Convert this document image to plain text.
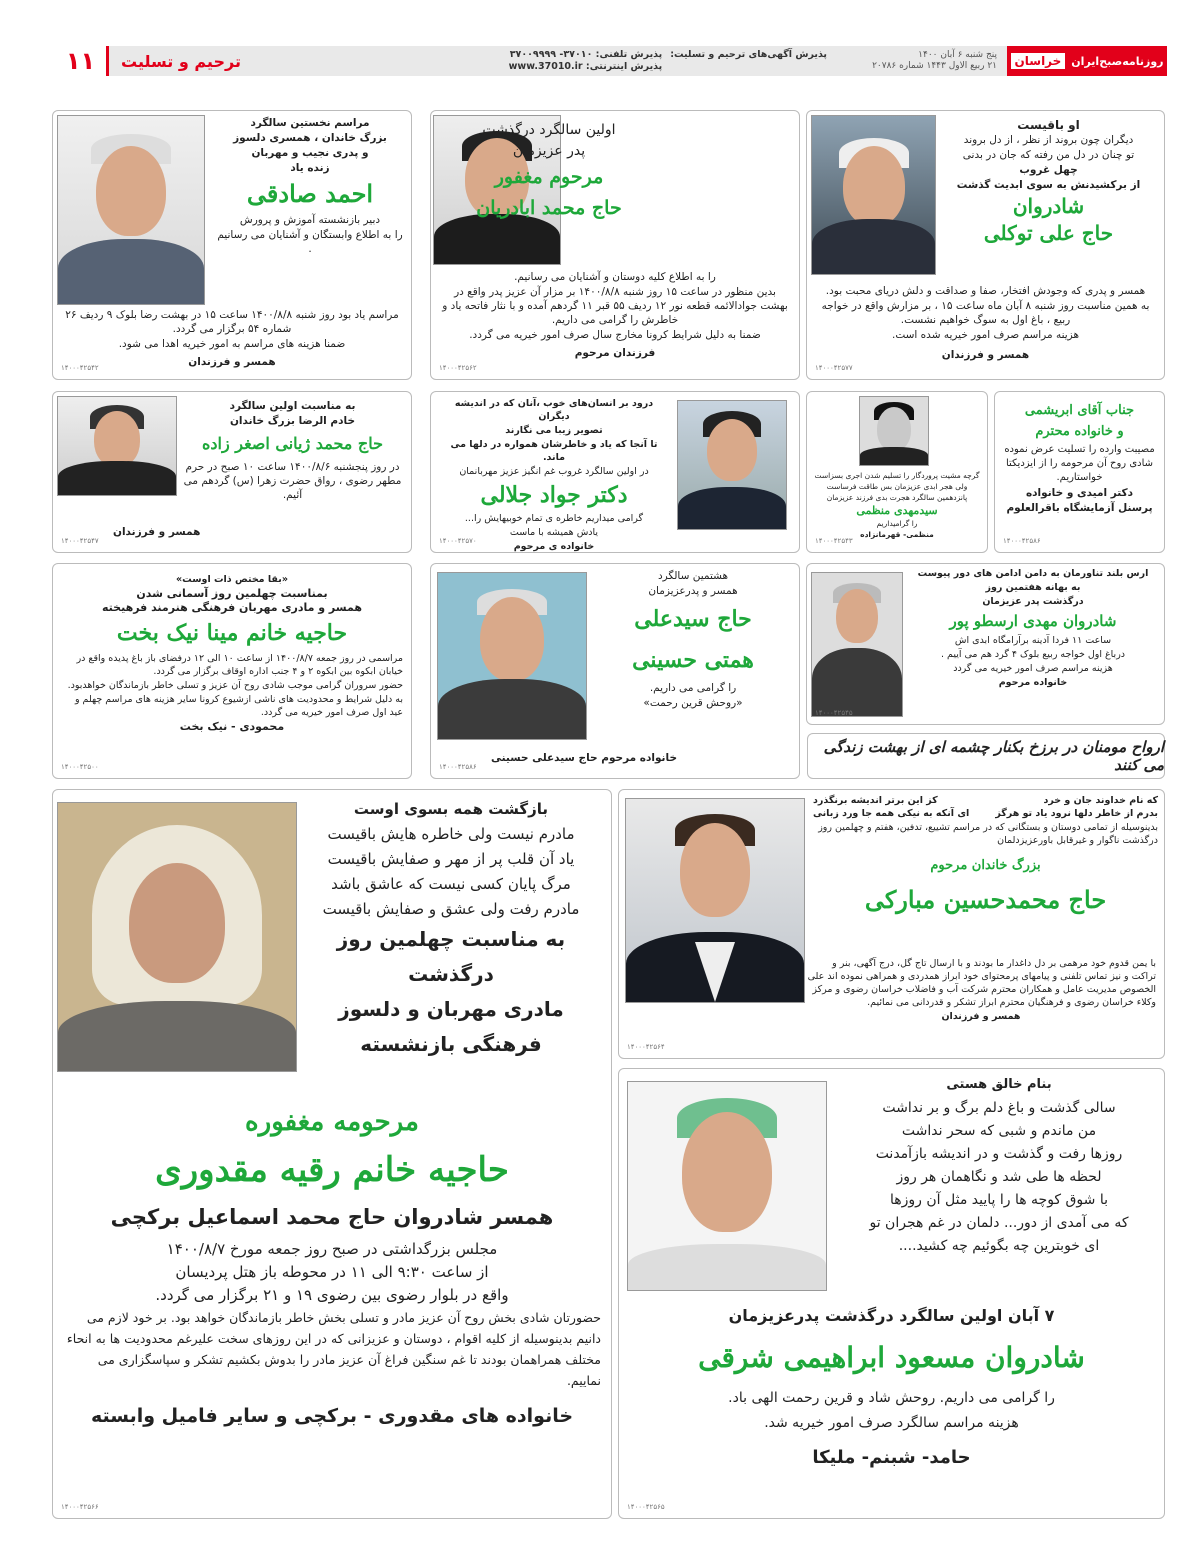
روزنامه‌صبح‌ایران
خراسان
پنج شنبه ۶ آبان ۱۴۰۰
۲۱ ربیع الاول ۱۴۴۳ شماره ۲۰۷۸۶
پذیرش آگهی‌های ترحیم و تسلیت:
پذیرش تلفنی: ۳۷۰۱۰- ۳۷۰۰۹۹۹۹
پذیرش اینترنتی: www.37010.ir
ترحیم و تسلیت
۱۱

او باقیست

دیگران چون بروند از نظر ، از دل بروند

تو چنان در دل من رفته که جان در بدنی

چهل غروب

از برکشیدنش به سوی ابدیت گذشت

شادروان

حاج علی توکلی

همسر و پدری که وجودش افتخار، صفا و صداقت و دلش دریای محبت بود.

به همین مناسبت روز شنبه ۸ آبان ماه ساعت ۱۵ ، بر مزارش واقع در خواجه ربیع ، باغ اول به سوگ خواهیم نشست.

هزینه مراسم صرف امور خیریه شده است.

همسر و فرزندان

۱۴۰۰۰۴۲۵۷۷

اولین سالگرد درگذشت

پدر عزیزمان

مرحوم مغفور

حاج محمد ابادریان

را به اطلاع کلیه دوستان و آشنایان می رسانیم.

بدین منظور در ساعت ۱۵ روز شنبه ۱۴۰۰/۸/۸ بر مزار آن عزیز پدر واقع در بهشت جوادالائمه قطعه نور ۱۲ ردیف ۵۵ قبر ۱۱ گردهم آمده و با نثار فاتحه یاد و خاطرش را گرامی می داریم.

ضمنا به دلیل شرایط کرونا مخارج سال صرف امور خیریه می گردد.

فرزندان مرحوم

۱۴۰۰۰۴۲۵۶۲

مراسم نخستین سالگرد

بزرگ خاندان ، همسری دلسوز

و پدری نجیب و مهربان

زنده یاد

احمد صادقی

دبیر بازنشسته آموزش و پرورش

را به اطلاع وابستگان و آشنایان می رسانیم .

مراسم یاد بود روز شنبه ۱۴۰۰/۸/۸ ساعت ۱۵ در بهشت رضا بلوک ۹ ردیف ۲۶ شماره ۵۴ برگزار می گردد.

ضمنا هزینه های مراسم به امور خیریه اهدا می شود.

همسر و فرزندان

۱۴۰۰۰۴۲۵۴۲

جناب آقای ابریشمی

و خانواده محترم

مصیبت وارده را تسلیت عرض نموده شادی روح آن مرحومه را از ایزدیکتا خواستاریم.

دکتر امیدی و خانواده

پرسنل آزمایشگاه باقرالعلوم

۱۴۰۰۰۴۲۵۸۶

گرچه مشیت پروردگار را تسلیم شدن اجری بسزاست

ولی هجر ابدی عزیزمان بس طاقت فرساست

پانزدهمین سالگرد هجرت بدی فرزند عزیزمان

سیدمهدی منظمی

را گرامیداریم

منظمی- قهرمانزاده

۱۴۰۰۰۴۲۵۴۳

درود بر انسان‌های خوب ،آنان که در اندیشه دیگران

تصویر زیبا می نگارند

تا آنجا که یاد و خاطرشان همواره در دلها می ماند.

در اولین سالگرد غروب غم انگیز عزیز مهربانمان

دکتر جواد جلالی

گرامی میداریم خاطره ی تمام خوبیهایش را...

یادش همیشه با ماست

خانواده ی مرحوم

۱۴۰۰۰۴۲۵۷۰

به مناسبت اولین سالگرد

خادم الرضا بزرگ خاندان

حاج محمد ژیانی اصغر زاده

در روز پنجشنبه ۱۴۰۰/۸/۶ ساعت ۱۰ صبح در حرم مطهر رضوی ، رواق حضرت زهرا (س) گردهم می آئیم.

همسر و فرزندان

۱۴۰۰۰۴۲۵۴۷

ارس بلند تناورمان به دامن ادامن های دور پیوست

به بهانه هفتمین روز

درگذشت پدر عزیزمان

شادروان مهدی ارسطو پور

ساعت ۱۱ فردا آدینه برآرامگاه ابدی اش

درباغ اول خواجه ربیع بلوک ۴ گرد هم می آییم .

هزینه مراسم صرف امور خیریه می گردد

خانواده مرحوم

۱۴۰۰۰۴۲۵۴۵

هشتمین سالگرد

همسر و پدرعزیزمان

حاج سیدعلی

همتی حسینی

را گرامی می داریم.

«روحش قرین رحمت»

خانواده مرحوم حاج سیدعلی حسینی

۱۴۰۰۰۴۲۵۸۶

«بقا مختص ذات اوست»

بمناسبت چهلمین روز آسمانی شدن

همسر و مادری مهربان فرهنگی هنرمند فرهیخته

حاجیه خانم مینا نیک بخت

مراسمی در روز جمعه ۱۴۰۰/۸/۷ از ساعت ۱۰ الی ۱۲ درفضای باز باغ پدیده واقع در خیابان ابکوه بین ابکوه ۲ و ۴ جنب اداره اوقاف برگزار می گردد.

حضور سروران گرامی موجب شادی روح آن عزیز و تسلی خاطر بازماندگان خواهدبود.

به دلیل شرایط و محدودیت های ناشی ازشیوع کرونا سایر هزینه های مراسم چهلم و عید اول صرف امور خیریه می گردد.

محمودی - نیک بخت

۱۴۰۰۰۴۲۵۰۰
ارواح مومنان در برزخ بکنار چشمه ای از بهشت زندگی می کنند
که نام خداوند جان و خرد
کز این برتر اندیشه برنگذرد
بدرم از خاطر دلها نرود یاد تو هرگز
ای آنکه به نیکی همه جا ورد زبانی

بدینوسیله از تمامی دوستان و بستگانی که در مراسم تشییع، تدفین، هفتم و چهلمین روز درگذشت ناگوار و غیرقابل باورعزیزدلمان

بزرگ خاندان مرحوم

حاج محمدحسین مبارکی

با یمن قدوم خود مرهمی بر دل داغدار ما بودند و با ارسال تاج گل، درج آگهی، بنر و تراکت و نیز تماس تلفنی و پیامهای پرمحتوای خود ابراز همدردی و همراهی نموده اند علی الخصوص مدیریت عامل و همکاران محترم شرکت آب و فاضلاب خراسان رضوی و مرکز وکلاء خراسان رضوی و فرهنگیان محترم ابراز تشکر و قدردانی می نمائیم.

همسر و فرزندان

۱۴۰۰۰۴۲۵۶۴

بازگشت همه بسوی اوست

مادرم نیست ولی خاطره هایش باقیست

یاد آن قلب پر از مهر و صفایش باقیست

مرگ پایان کسی نیست که عاشق باشد

مادرم رفت ولی عشق و صفایش باقیست

به مناسبت چهلمین روز

درگذشت

مادری مهربان و دلسوز

فرهنگی بازنشسته

مرحومه مغفوره

حاجیه خانم رقیه مقدوری

همسر شادروان حاج محمد اسماعیل برکچی

مجلس بزرگداشتی در صبح روز جمعه مورخ ۱۴۰۰/۸/۷

از ساعت ۹:۳۰ الی ۱۱ در محوطه باز هتل پردیسان

واقع در بلوار رضوی بین رضوی ۱۹ و ۲۱ برگزار می گردد.

حضورتان شادی بخش روح آن عزیز مادر و تسلی بخش خاطر بازماندگان خواهد بود. بر خود لازم می دانیم بدینوسیله از کلیه اقوام ، دوستان و عزیزانی که در این روزهای سخت علیرغم محدودیت ها به انحاء مختلف همراهمان بودند تا غم سنگین فراغ آن عزیز مادر را بدوش بکشیم تشکر و سپاسگزاری می نماییم.

خانواده های مقدوری - برکچی و سایر فامیل وابسته

۱۴۰۰۰۴۲۵۶۶

بنام خالق هستی

سالی گذشت و باغ دلم برگ و بر نداشت

من ماندم و شبی که سحر نداشت

روزها رفت و گذشت و در اندیشه بازآمدنت

لحظه ها طی شد و نگاهمان هر روز

با شوق کوچه ها را پایید مثل آن روزها

که می آمدی از دور... دلمان در غم هجران تو

ای خوبترین چه بگوئیم چه کشید....

۷ آبان اولین سالگرد درگذشت پدرعزیزمان

شادروان مسعود ابراهیمی شرقی

را گرامی می داریم. روحش شاد و قرین رحمت الهی باد.

هزینه مراسم سالگرد صرف امور خیریه شد.

حامد- شبنم- ملیکا

۱۴۰۰۰۴۲۵۶۵
